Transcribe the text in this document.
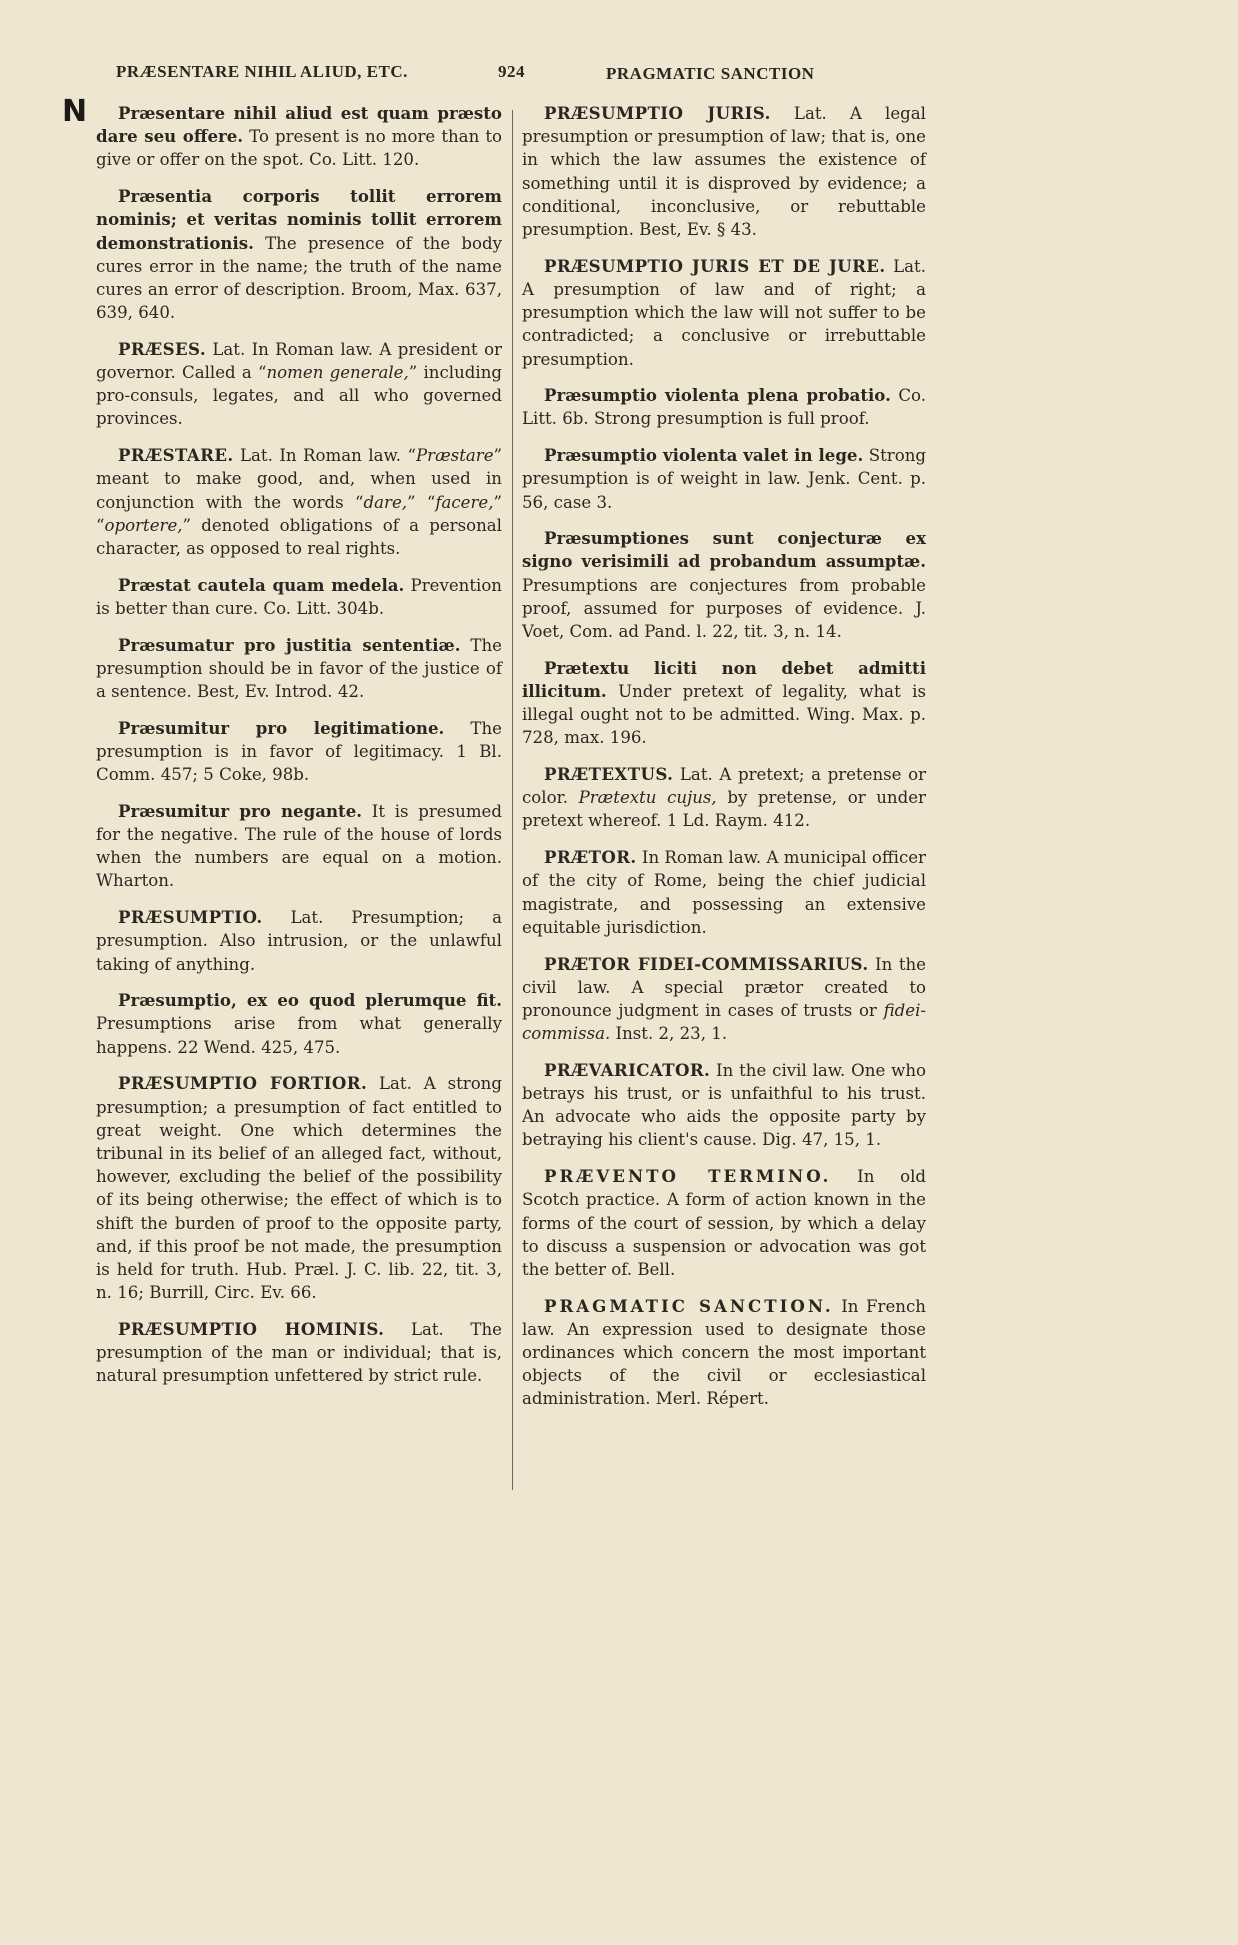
PRÆSENTARE NIHIL ALIUD, ETC.	924	PRAGMATIC SANCTION
N	Præsentare nihil aliud est quam præsto dare seu offere. To present is no more than to give or offer on the spot. Co. Litt. 120.

Præsentia corporis tollit errorem nominis; et veritas nominis tollit errorem demonstrationis. The presence of the body cures error in the name; the truth of the name cures an error of description. Broom, Max. 637, 639, 640.

PRÆSES. Lat. In Roman law. A president or governor. Called a “nomen generale,” including pro-consuls, legates, and all who governed provinces.

PRÆSTARE. Lat. In Roman law. “Præstare” meant to make good, and, when used in conjunction with the words “dare,” “facere,” “oportere,” denoted obligations of a personal character, as opposed to real rights.

Præstat cautela quam medela. Prevention is better than cure. Co. Litt. 304b.

Præsumatur pro justitia sententiæ. The presumption should be in favor of the justice of a sentence. Best, Ev. Introd. 42.

Præsumitur pro legitimatione. The presumption is in favor of legitimacy. 1 Bl. Comm. 457; 5 Coke, 98b.

Præsumitur pro negante. It is presumed for the negative. The rule of the house of lords when the numbers are equal on a motion. Wharton.

PRÆSUMPTIO. Lat. Presumption; a presumption. Also intrusion, or the unlawful taking of anything.

Præsumptio, ex eo quod plerumque fit. Presumptions arise from what generally happens. 22 Wend. 425, 475.

PRÆSUMPTIO FORTIOR. Lat. A strong presumption; a presumption of fact entitled to great weight. One which determines the tribunal in its belief of an alleged fact, without, however, excluding the belief of the possibility of its being otherwise; the effect of which is to shift the burden of proof to the opposite party, and, if this proof be not made, the presumption is held for truth. Hub. Præl. J. C. lib. 22, tit. 3, n. 16; Burrill, Circ. Ev. 66.

PRÆSUMPTIO HOMINIS. Lat. The presumption of the man or individual; that is, natural presumption unfettered by strict rule.

PRÆSUMPTIO JURIS. Lat. A legal presumption or presumption of law; that is, one in which the law assumes the existence of something until it is disproved by evidence; a conditional, inconclusive, or rebuttable presumption. Best, Ev. § 43.

PRÆSUMPTIO JURIS ET DE JURE. Lat. A presumption of law and of right; a presumption which the law will not suffer to be contradicted; a conclusive or irrebuttable presumption.

Præsumptio violenta plena probatio. Co. Litt. 6b. Strong presumption is full proof.

Præsumptio violenta valet in lege. Strong presumption is of weight in law. Jenk. Cent. p. 56, case 3.

Præsumptiones sunt conjecturæ ex signo verisimili ad probandum assumptæ. Presumptions are conjectures from probable proof, assumed for purposes of evidence. J. Voet, Com. ad Pand. l. 22, tit. 3, n. 14.

Prætextu liciti non debet admitti illicitum. Under pretext of legality, what is illegal ought not to be admitted. Wing. Max. p. 728, max. 196.

PRÆTEXTUS. Lat. A pretext; a pretense or color. Prætextu cujus, by pretense, or under pretext whereof. 1 Ld. Raym. 412.

PRÆTOR. In Roman law. A municipal officer of the city of Rome, being the chief judicial magistrate, and possessing an extensive equitable jurisdiction.

PRÆTOR FIDEI-COMMISSARIUS. In the civil law. A special prætor created to pronounce judgment in cases of trusts or fidei-commissa. Inst. 2, 23, 1.

PRÆVARICATOR. In the civil law. One who betrays his trust, or is unfaithful to his trust. An advocate who aids the opposite party by betraying his client's cause. Dig. 47, 15, 1.

PRÆVENTO TERMINO. In old Scotch practice. A form of action known in the forms of the court of session, by which a delay to discuss a suspension or advocation was got the better of. Bell.

PRAGMATIC SANCTION. In French law. An expression used to designate those ordinances which concern the most important objects of the civil or ecclesiastical administration. Merl. Répert.
